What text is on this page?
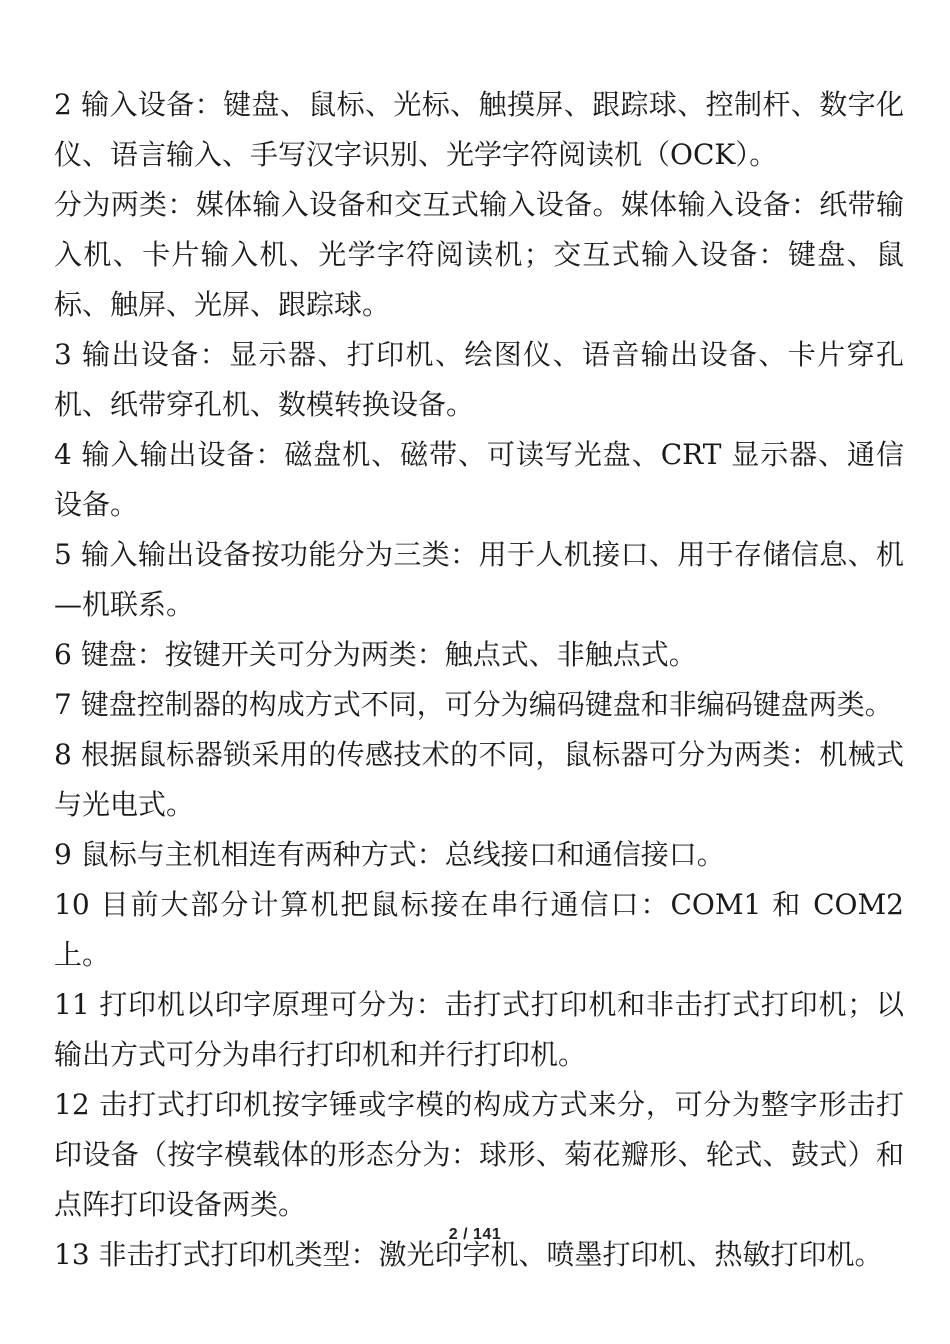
2 输入设备：键盘、鼠标、光标、触摸屏、跟踪球、控制杆、数字化仪、语言输入、手写汉字识别、光学字符阅读机（OCK）。

分为两类：媒体输入设备和交互式输入设备。媒体输入设备：纸带输入机、卡片输入机、光学字符阅读机；交互式输入设备：键盘、鼠标、触屏、光屏、跟踪球。

3 输出设备：显示器、打印机、绘图仪、语音输出设备、卡片穿孔机、纸带穿孔机、数模转换设备。

4 输入输出设备：磁盘机、磁带、可读写光盘、CRT 显示器、通信设备。

5 输入输出设备按功能分为三类：用于人机接口、用于存储信息、机—机联系。

6 键盘：按键开关可分为两类：触点式、非触点式。

7 键盘控制器的构成方式不同，可分为编码键盘和非编码键盘两类。

8 根据鼠标器锁采用的传感技术的不同，鼠标器可分为两类：机械式与光电式。

9 鼠标与主机相连有两种方式：总线接口和通信接口。

10 目前大部分计算机把鼠标接在串行通信口：COM1 和 COM2 上。

11 打印机以印字原理可分为：击打式打印机和非击打式打印机；以输出方式可分为串行打印机和并行打印机。

12 击打式打印机按字锤或字模的构成方式来分，可分为整字形击打印设备（按字模载体的形态分为：球形、菊花瓣形、轮式、鼓式）和点阵打印设备两类。

13 非击打式打印机类型：激光印字机、喷墨打印机、热敏打印机。

2 / 141
